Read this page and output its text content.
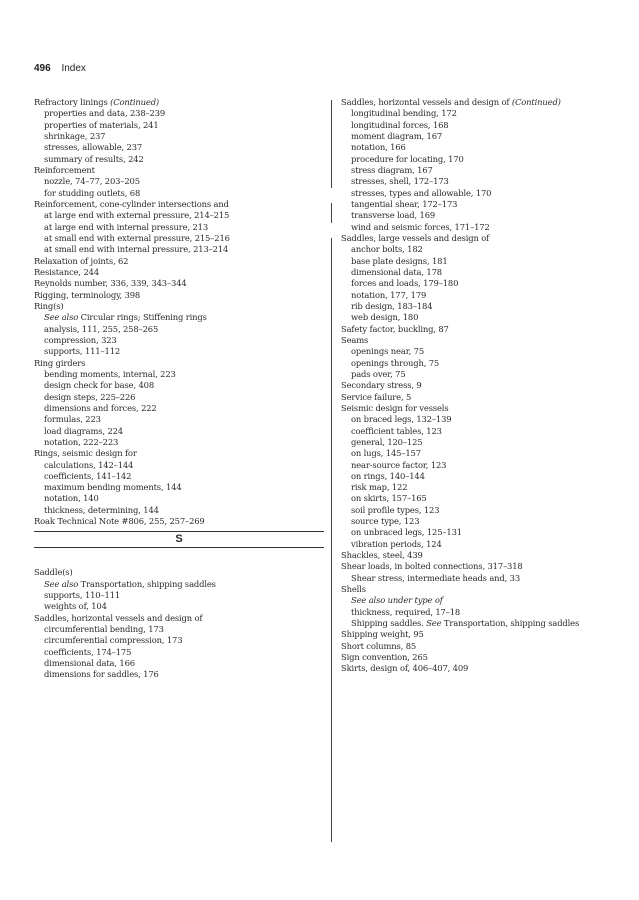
496 Index
Refractory linings (Continued)
properties and data, 238–239
properties of materials, 241
shrinkage, 237
stresses, allowable, 237
summary of results, 242
Reinforcement
nozzle, 74–77, 203–205
for studding outlets, 68
Reinforcement, cone-cylinder intersections and
at large end with external pressure, 214–215
at large end with internal pressure, 213
at small end with external pressure, 215–216
at small end with internal pressure, 213–214
Relaxation of joints, 62
Resistance, 244
Reynolds number, 336, 339, 343–344
Rigging, terminology, 398
Ring(s)
See also Circular rings; Stiffening rings
analysis, 111, 255, 258–265
compression, 323
supports, 111–112
Ring girders
bending moments, internal, 223
design check for base, 408
design steps, 225–226
dimensions and forces, 222
formulas, 223
load diagrams, 224
notation, 222–223
Rings, seismic design for
calculations, 142–144
coefficients, 141–142
maximum bending moments, 144
notation, 140
thickness, determining, 144
Roak Technical Note #806, 255, 257–269
S
Saddle(s)
See also Transportation, shipping saddles
supports, 110–111
weights of, 104
Saddles, horizontal vessels and design of
circumferential bending, 173
circumferential compression, 173
coefficients, 174–175
dimensional data, 166
dimensions for saddles, 176
Saddles, horizontal vessels and design of (Continued)
longitudinal bending, 172
longitudinal forces, 168
moment diagram, 167
notation, 166
procedure for locating, 170
stress diagram, 167
stresses, shell, 172–173
stresses, types and allowable, 170
tangential shear, 172–173
transverse load, 169
wind and seismic forces, 171–172
Saddles, large vessels and design of
anchor bolts, 182
base plate designs, 181
dimensional data, 178
forces and loads, 179–180
notation, 177, 179
rib design, 183–184
web design, 180
Safety factor, buckling, 87
Seams
openings near, 75
openings through, 75
pads over, 75
Secondary stress, 9
Service failure, 5
Seismic design for vessels
on braced legs, 132–139
coefficient tables, 123
general, 120–125
on lugs, 145–157
near-source factor, 123
on rings, 140–144
risk map, 122
on skirts, 157–165
soil profile types, 123
source type, 123
on unbraced legs, 125–131
vibration periods, 124
Shackles, steel, 439
Shear loads, in bolted connections, 317–318
Shear stress, intermediate heads and, 33
Shells
See also under type of
thickness, required, 17–18
Shipping saddles. See Transportation, shipping saddles
Shipping weight, 95
Short columns, 85
Sign convention, 265
Skirts, design of, 406–407, 409
